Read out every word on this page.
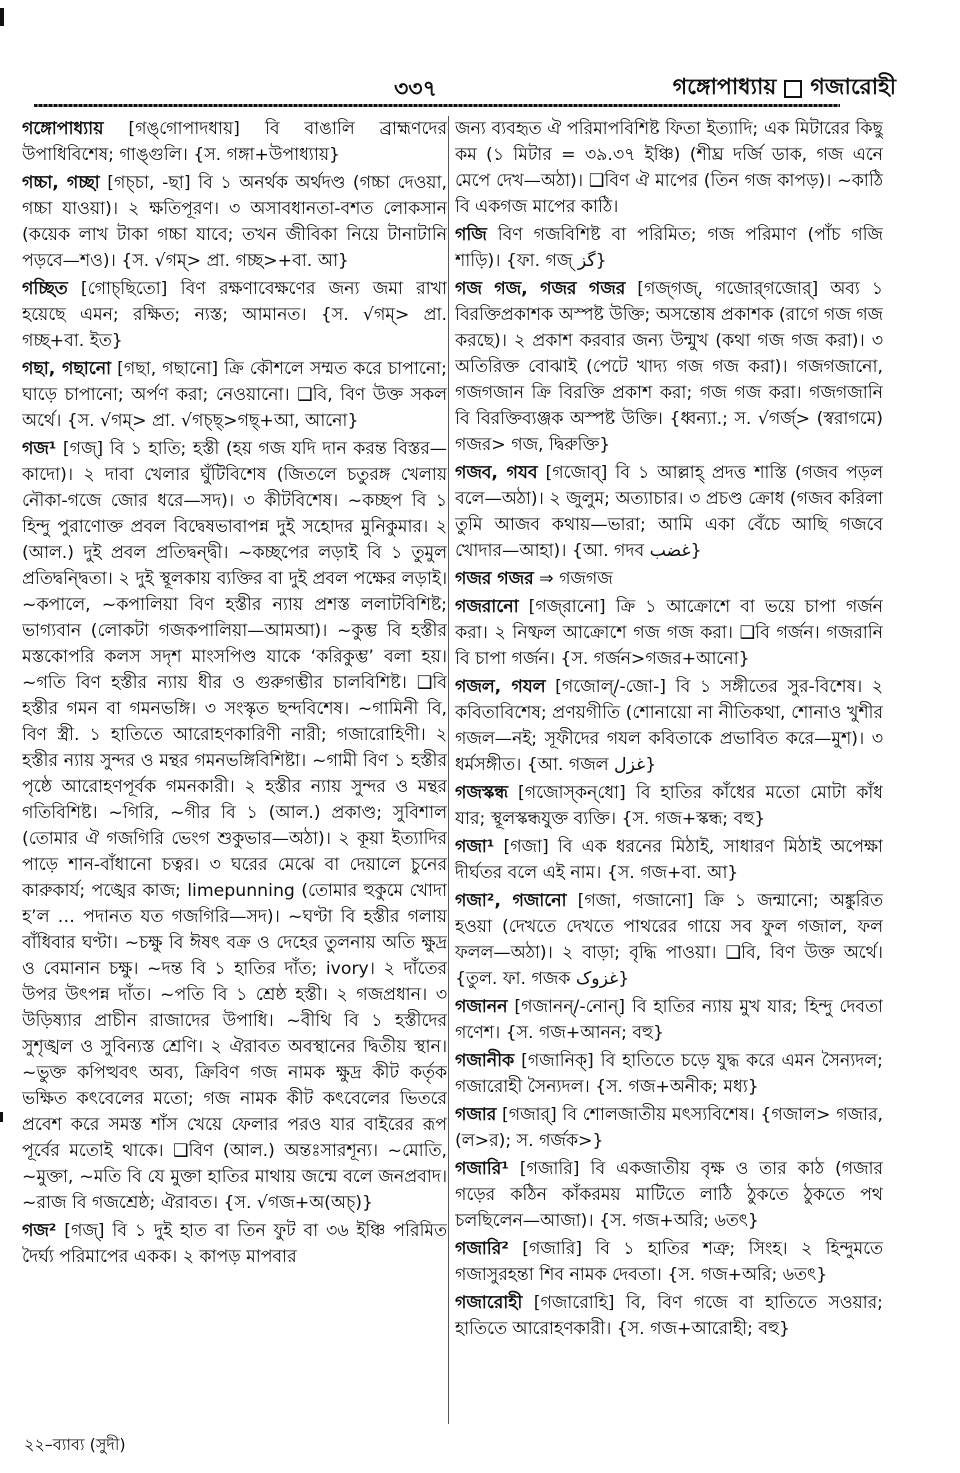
৩৩৭	গঙ্গোপাধ্যায় গজারোহী

গঙ্গোপাধ্যায় [গঙ্‌গোপাদধায়] বি বাঙালি ব্রাহ্মণদের উপাধিবিশেষ; গাঙ্গুলি। {স. গঙ্গা+উপাধ্যায়}

গচ্চা, গচ্ছা [গচ্‌চা, -ছা] বি ১ অনর্থক অর্থদণ্ড (গচ্চা দেওয়া, গচ্চা যাওয়া)। ২ ক্ষতিপূরণ। ৩ অসাবধানতা-বশত লোকসান (কয়েক লাখ টাকা গচ্চা যাবে; তখন জীবিকা নিয়ে টানাটানি পড়বে—শও)। {স. √গম্‌> প্রা. গচ্ছ>+বা. আ}

গচ্ছিত [গোচ্‌ছিতো] বিণ রক্ষণাবেক্ষণের জন্য জমা রাখা হয়েছে এমন; রক্ষিত; ন্যস্ত; আমানত। {স. √গম্‌> প্রা. গচ্ছ+বা. ইত}

গছা, গছানো [গছা, গছানো] ক্রি কৌশলে সম্মত করে চাপানো; ঘাড়ে চাপানো; অর্পণ করা; নেওয়ানো। ❑বি, বিণ উক্ত সকল অর্থে। {স. √গম্‌> প্রা. √গচ্ছ্‌>গছ্‌+আ, আনো}

গজ¹ [গজ্‌] বি ১ হাতি; হস্তী (হয় গজ যদি দান করন্ত বিস্তর—কাদো)। ২ দাবা খেলার ঘুঁটিবিশেষ (জিতলে চতুরঙ্গ খেলায় নৌকা-গজে জোর ধরে—সদ)। ৩ কীটবিশেষ। ~কচ্ছপ বি ১ হিন্দু পুরাণোক্ত প্রবল বিদ্বেষভাবাপন্ন দুই সহোদর মুনিকুমার। ২ (আল.) দুই প্রবল প্রতিদ্বন্দ্বী। ~কচ্ছপের লড়াই বি ১ তুমুল প্রতিদ্বন্দ্বিতা। ২ দুই স্থূলকায় ব্যক্তির বা দুই প্রবল পক্ষের লড়াই। ~কপালে, ~কপালিয়া বিণ হস্তীর ন্যায় প্রশস্ত ললাটবিশিষ্ট; ভাগ্যবান (লোকটা গজকপালিয়া—আমআ)। ~কুম্ভ বি হস্তীর মস্তকোপরি কলস সদৃশ মাংসপিণ্ড যাকে ‘করিকুম্ভ’ বলা হয়। ~গতি বিণ হস্তীর ন্যায় ধীর ও গুরুগম্ভীর চালবিশিষ্ট। ❑বি হস্তীর গমন বা গমনভঙ্গি। ৩ সংস্কৃত ছন্দবিশেষ। ~গামিনী বি, বিণ স্ত্রী. ১ হাতিতে আরোহণকারিণী নারী; গজারোহিণী। ২ হস্তীর ন্যায় সুন্দর ও মন্থর গমনভঙ্গিবিশিষ্টা। ~গামী বিণ ১ হস্তীর পৃষ্ঠে আরোহণপূর্বক গমনকারী। ২ হস্তীর ন্যায় সুন্দর ও মন্থর গতিবিশিষ্ট। ~গিরি, ~গীর বি ১ (আল.) প্রকাণ্ড; সুবিশাল (তোমার ঐ গজগিরি ভেংগ শুকুভার—অঠা)। ২ কূয়া ইত্যাদির পাড়ে শান-বাঁধানো চত্বর। ৩ ঘরের মেঝে বা দেয়ালে চুনের কারুকার্য; পঙ্খের কাজ; limepunning (তোমার হুকুমে খোদা হ’ল … পদানত যত গজগিরি—সদ)। ~ঘণ্টা বি হস্তীর গলায় বাঁধিবার ঘণ্টা। ~চক্ষু বি ঈষৎ বক্র ও দেহের তুলনায় অতি ক্ষুদ্র ও বেমানান চক্ষু। ~দন্ত বি ১ হাতির দাঁত; ivory। ২ দাঁতের উপর উৎপন্ন দাঁত। ~পতি বি ১ শ্রেষ্ঠ হস্তী। ২ গজপ্রধান। ৩ উড়িষ্যার প্রাচীন রাজাদের উপাধি। ~বীথি বি ১ হস্তীদের সুশৃঙ্খল ও সুবিন্যস্ত শ্রেণি। ২ ঐরাবত অবস্থানের দ্বিতীয় স্থান। ~ভুক্ত কপিত্থবৎ অব্য, ক্রিবিণ গজ নামক ক্ষুদ্র কীট কর্তৃক ভক্ষিত কৎবেলের মতো; গজ নামক কীট কৎবেলের ভিতরে প্রবেশ করে সমস্ত শাঁস খেয়ে ফেলার পরও যার বাইরের রূপ পূর্বের মতোই থাকে। ❑বিণ (আল.) অন্তঃসারশূন্য। ~মোতি, ~মুক্তা, ~মতি বি যে মুক্তা হাতির মাথায় জন্মে বলে জনপ্রবাদ। ~রাজ বি গজশ্রেষ্ঠ; ঐরাবত। {স. √গজ+অ(অচ্‌)}

গজ² [গজ্‌] বি ১ দুই হাত বা তিন ফুট বা ৩৬ ইঞ্চি পরিমিত দৈর্ঘ্য পরিমাপের একক। ২ কাপড় মাপবার

জন্য ব্যবহৃত ঐ পরিমাপবিশিষ্ট ফিতা ইত্যাদি; এক মিটারের কিছু কম (১ মিটার = ৩৯.৩৭ ইঞ্চি) (শীঘ্র দর্জি ডাক, গজ এনে মেপে দেখ—অঠা)। ❑বিণ ঐ মাপের (তিন গজ কাপড়)। ~কাঠি বি একগজ মাপের কাঠি।

গজি বিণ গজবিশিষ্ট বা পরিমিত; গজ পরিমাণ (পাঁচ গজি শাড়ি)। {ফা. গজ্‌ گز}

গজ গজ, গজর গজর [গজ্‌গজ্‌, গজোর্‌গজোর্‌] অব্য ১ বিরক্তিপ্রকাশক অস্পষ্ট উক্তি; অসন্তোষ প্রকাশক (রাগে গজ গজ করছে)। ২ প্রকাশ করবার জন্য উন্মুখ (কথা গজ গজ করা)। ৩ অতিরিক্ত বোঝাই (পেটে খাদ্য গজ গজ করা)। গজগজানো, গজগজান ক্রি বিরক্তি প্রকাশ করা; গজ গজ করা। গজগজানি বি বিরক্তিব্যঞ্জক অস্পষ্ট উক্তি। {ধ্বন্যা.; স. √গর্জ্‌> (স্বরাগমে) গজর> গজ, দ্বিরুক্তি}

গজব, গযব [গজোব্‌] বি ১ আল্লাহ্‌ প্রদত্ত শাস্তি (গজব পড়ল বলে—অঠা)। ২ জুলুম; অত্যাচার। ৩ প্রচণ্ড ক্রোধ (গজব করিলা তুমি আজব কথায়—ভারা; আমি একা বেঁচে আছি গজবে খোদার—আহা)। {আ. গদব غضب}

গজর গজর ⇒ গজগজ

গজরানো [গজ্‌রানো] ক্রি ১ আক্রোশে বা ভয়ে চাপা গর্জন করা। ২ নিষ্ফল আক্রোশে গজ গজ করা। ❑বি গর্জন। গজরানি বি চাপা গর্জন। {স. গর্জন>গজর+আনো}

গজল, গযল [গজোল্‌/-জো-] বি ১ সঙ্গীতের সুর-বিশেষ। ২ কবিতাবিশেষ; প্রণয়গীতি (শোনায়ো না নীতিকথা, শোনাও খুশীর গজল—নই; সূফীদের গযল কবিতাকে প্রভাবিত করে—মুশ)। ৩ ধর্মসঙ্গীত। {আ. গজল غزل}

গজস্কন্ধ [গজোস্‌কন্‌ধো] বি হাতির কাঁধের মতো মোটা কাঁধ যার; স্থূলস্কন্ধযুক্ত ব্যক্তি। {স. গজ+স্কন্ধ; বহু}

গজা¹ [গজা] বি এক ধরনের মিঠাই, সাধারণ মিঠাই অপেক্ষা দীর্ঘতর বলে এই নাম। {স. গজ+বা. আ}

গজা², গজানো [গজা, গজানো] ক্রি ১ জন্মানো; অঙ্কুরিত হওয়া (দেখতে দেখতে পাথরের গায়ে সব ফুল গজাল, ফল ফলল—অঠা)। ২ বাড়া; বৃদ্ধি পাওয়া। ❑বি, বিণ উক্ত অর্থে। {তুল. ফা. গজক غزوک}

গজানন [গজানন্‌/-নোন্‌] বি হাতির ন্যায় মুখ যার; হিন্দু দেবতা গণেশ। {স. গজ+আনন; বহু}

গজানীক [গজানিক্‌] বি হাতিতে চড়ে যুদ্ধ করে এমন সৈন্যদল; গজারোহী সৈন্যদল। {স. গজ+অনীক; মধ্য}

গজার [গজার্‌] বি শোলজাতীয় মৎস্যবিশেষ। {গজাল> গজার, (ল>র); স. গর্জক>}

গজারি¹ [গজারি] বি একজাতীয় বৃক্ষ ও তার কাঠ (গজার গড়ের কঠিন কাঁকরময় মাটিতে লাঠি ঠুকতে ঠুকতে পথ চলছিলেন—আজা)। {স. গজ+অরি; ৬তৎ}

গজারি² [গজারি] বি ১ হাতির শত্রু; সিংহ। ২ হিন্দুমতে গজাসুরহন্তা শিব নামক দেবতা। {স. গজ+অরি; ৬তৎ}

গজারোহী [গজারোহি] বি, বিণ গজে বা হাতিতে সওয়ার; হাতিতে আরোহণকারী। {স. গজ+আরোহী; বহু}

২২–ব্যাব্য (সুদী)
